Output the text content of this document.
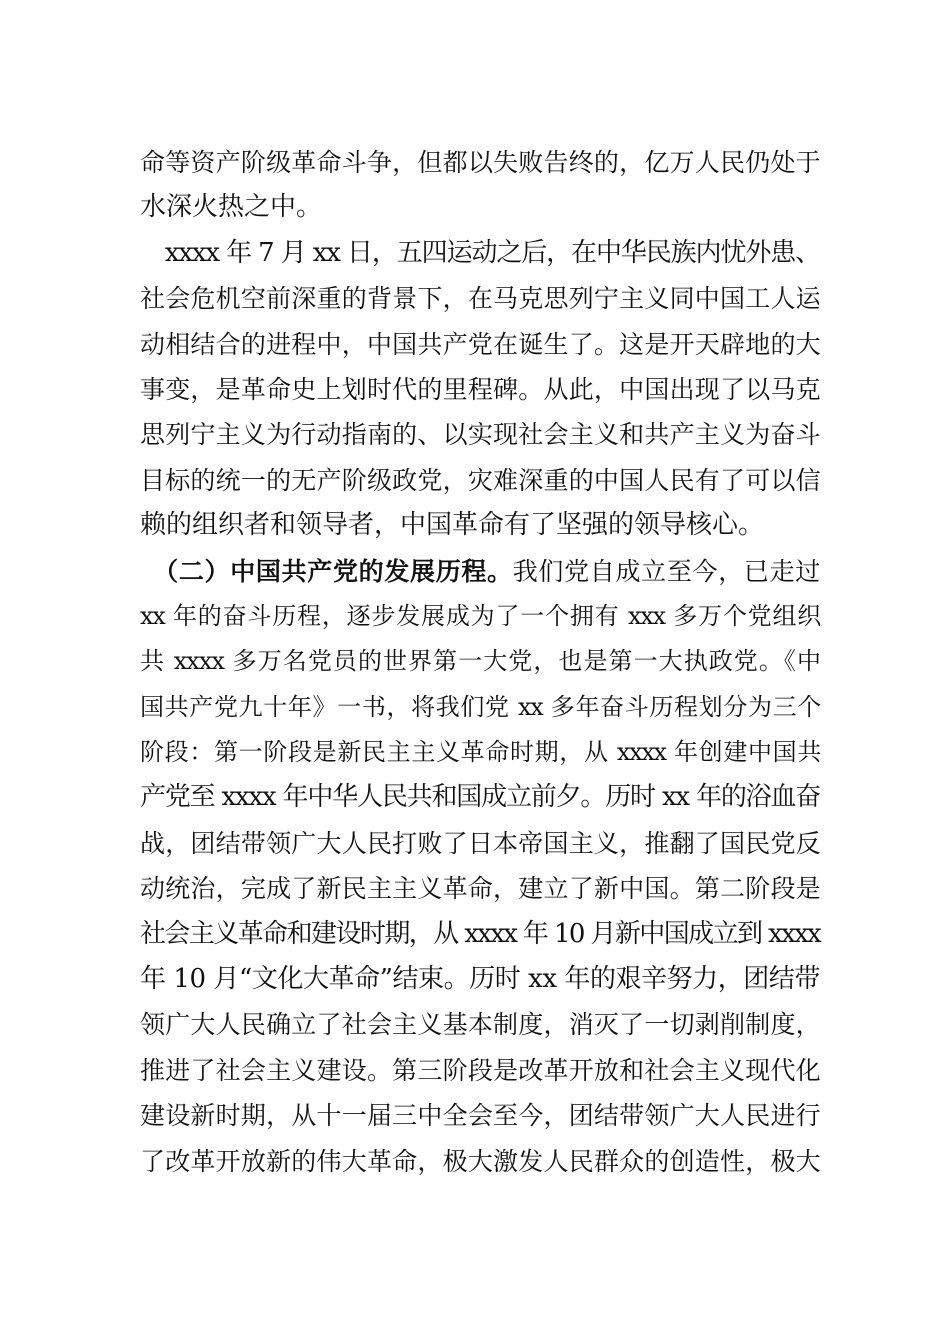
命等资产阶级革命斗争，但都以失败告终的，亿万人民仍处于
水深火热之中。
　xxxx 年 7 月 xx 日，五四运动之后，在中华民族内忧外患、
社会危机空前深重的背景下，在马克思列宁主义同中国工人运
动相结合的进程中，中国共产党在诞生了。这是开天辟地的大
事变，是革命史上划时代的里程碑。从此，中国出现了以马克
思列宁主义为行动指南的、以实现社会主义和共产主义为奋斗
目标的统一的无产阶级政党，灾难深重的中国人民有了可以信
赖的组织者和领导者，中国革命有了坚强的领导核心。
　（二）中国共产党的发展历程。我们党自成立至今，已走过
xx 年的奋斗历程，逐步发展成为了一个拥有 xxx 多万个党组织
共 xxxx 多万名党员的世界第一大党，也是第一大执政党。《中
国共产党九十年》一书，将我们党 xx 多年奋斗历程划分为三个
阶段：第一阶段是新民主主义革命时期，从 xxxx 年创建中国共
产党至 xxxx 年中华人民共和国成立前夕。历时 xx 年的浴血奋
战，团结带领广大人民打败了日本帝国主义，推翻了国民党反
动统治，完成了新民主主义革命，建立了新中国。第二阶段是
社会主义革命和建设时期，从 xxxx 年 10 月新中国成立到 xxxx
年 10 月“文化大革命”结束。历时 xx 年的艰辛努力，团结带
领广大人民确立了社会主义基本制度，消灭了一切剥削制度，
推进了社会主义建设。第三阶段是改革开放和社会主义现代化
建设新时期，从十一届三中全会至今，团结带领广大人民进行
了改革开放新的伟大革命，极大激发人民群众的创造性，极大
